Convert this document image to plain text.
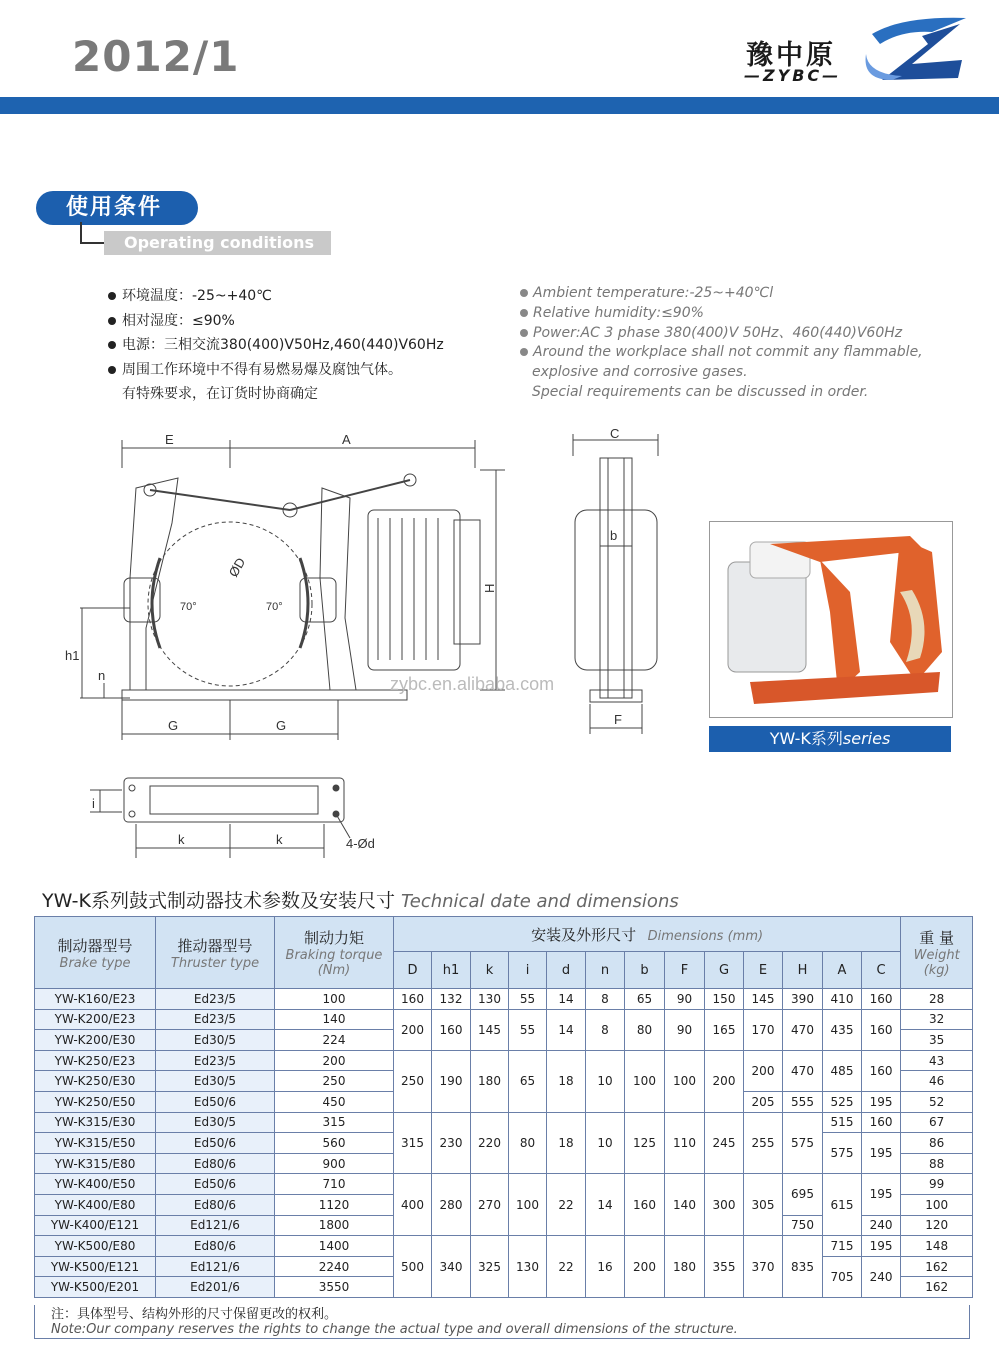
2012/1	豫中原
—ZYBC—
使用条件
Operating conditions
环境温度：-25~+40℃
相对湿度：≤90%
电源：三相交流380(400)V50Hz,460(440)V60Hz
周围工作环境中不得有易燃易爆及腐蚀气体。
有特殊要求，在订货时协商确定
Ambient temperature:-25~+40℃l
Relative humidity:≤90%
Power:AC 3 phase 380(400)V 50Hz、460(440)V60Hz
Around the workplace shall not commit any flammable,
explosive and corrosive gases.
Special requirements can be discussed in order.
E	A
H
h1
n
G	G
ØD
70°	70°
C
b
F
zybc.en.alibaba.com
i
k	k	4-Ød
YW-K系列series
YW-K系列鼓式制动器技术参数及安装尺寸 Technical date and dimensions
制动器型号
Brake type	推动器型号
Thruster type	制动力矩
Braking torque
(Nm)	安装及外形尺寸 Dimensions (mm)													重 量
Weight
(kg)

			D	h1	k	i	d	n	b	F	G	E	H	A	C	
YW-K160/E23	Ed23/5	100	160	132	130	55	14	8	65	90	150	145	390	410	160	28
YW-K200/E23	Ed23/5	140	200	160	145	55	14	8	80	90	165	170	470	435	160	32
YW-K200/E30	Ed30/5	224														35
YW-K250/E23	Ed23/5	200	250	190	180	65	18	10	100	100	200	200	470	485	160	43
YW-K250/E30	Ed30/5	250														46
YW-K250/E50	Ed50/6	450										205	555	525	195	52
YW-K315/E30	Ed30/5	315	315	230	220	80	18	10	125	110	245	255	575	515	160	67
YW-K315/E50	Ed50/6	560												575	195	86
YW-K315/E80	Ed80/6	900														88
YW-K400/E50	Ed50/6	710	400	280	270	100	22	14	160	140	300	305	695	615	195	99
YW-K400/E80	Ed80/6	1120														100
YW-K400/E121	Ed121/6	1800											750		240	120
YW-K500/E80	Ed80/6	1400	500	340	325	130	22	16	200	180	355	370	835	715	195	148
YW-K500/E121	Ed121/6	2240												705	240	162
YW-K500/E201	Ed201/6	3550														162
注：具体型号、结构外形的尺寸保留更改的权利。
Note:Our company reserves the rights to change the actual type and overall dimensions of the structure.
